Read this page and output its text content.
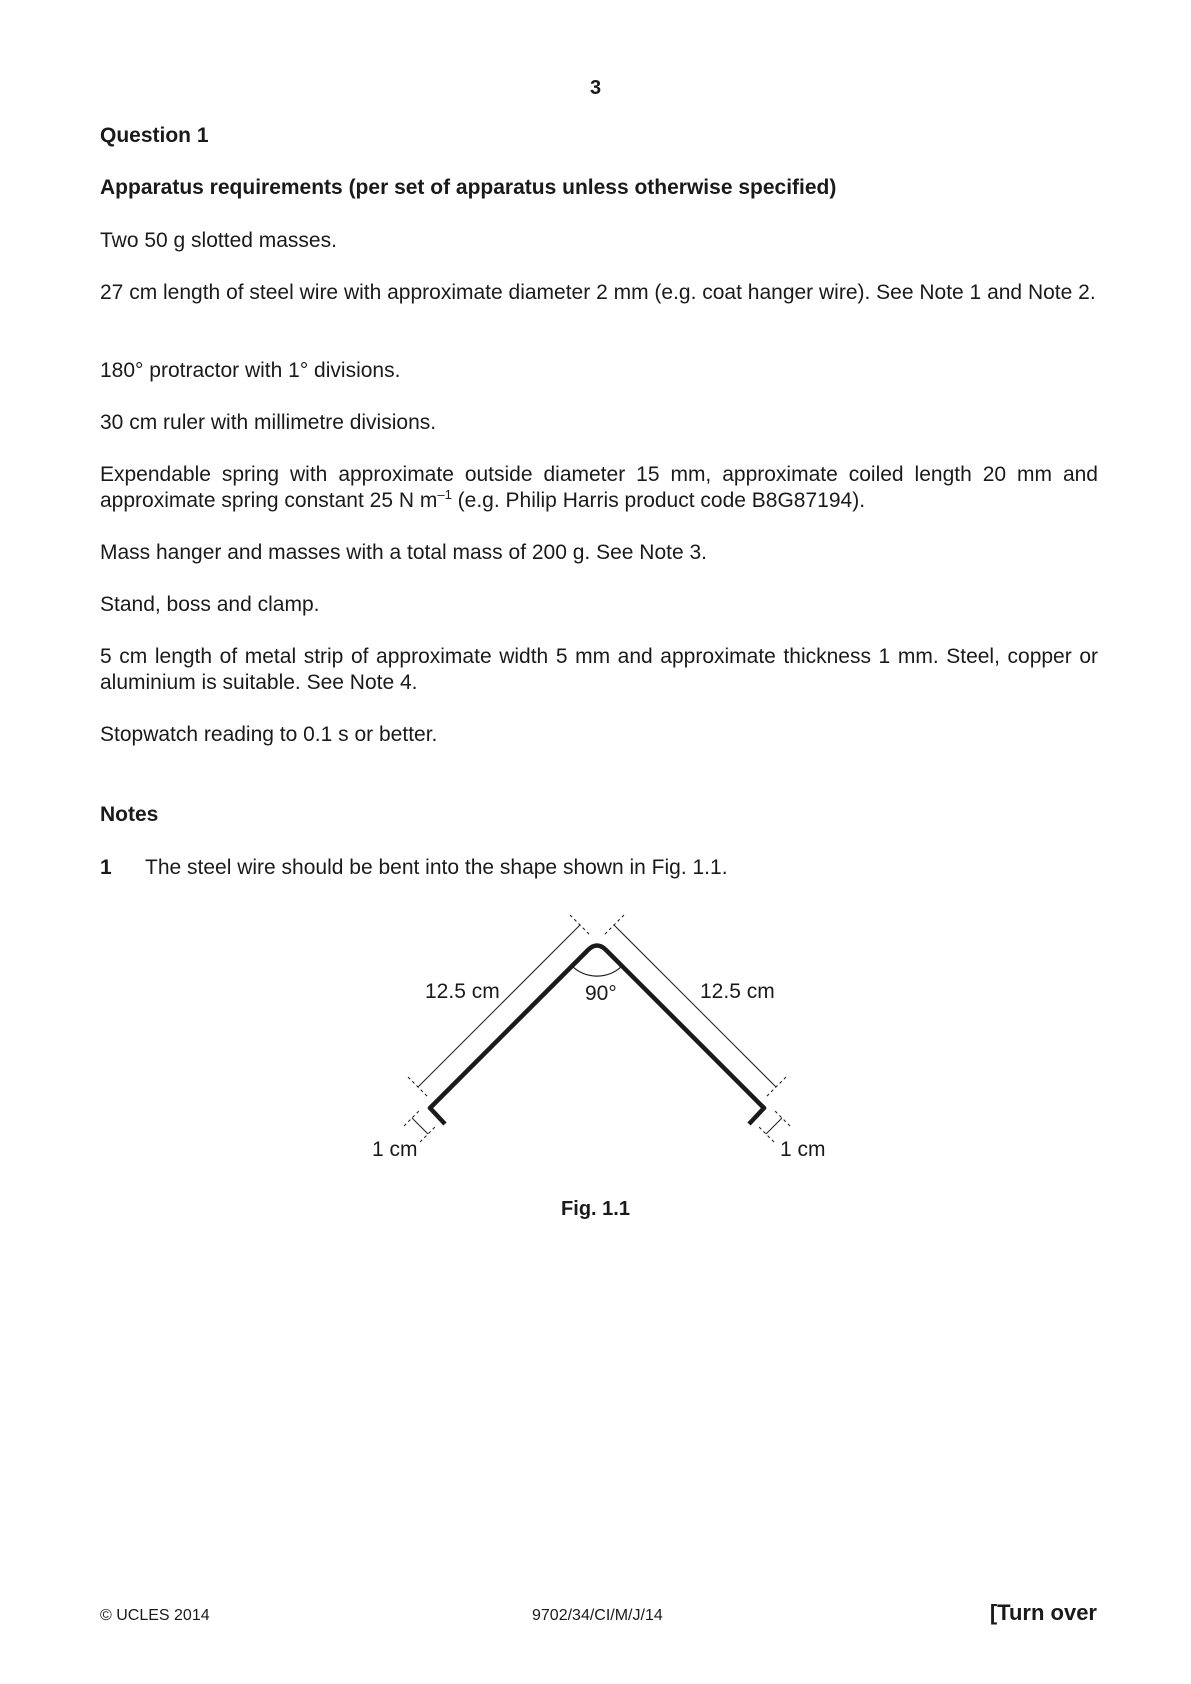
3
Question 1
Apparatus requirements (per set of apparatus unless otherwise specified)
Two 50 g slotted masses.
27 cm length of steel wire with approximate diameter 2 mm (e.g. coat hanger wire). See Note 1 and Note 2.
180° protractor with 1° divisions.
30 cm ruler with millimetre divisions.
Expendable spring with approximate outside diameter 15 mm, approximate coiled length 20 mm and approximate spring constant 25 N $m^{-1}$ (e.g. Philip Harris product code B8G87194).
Mass hanger and masses with a total mass of 200 g. See Note 3.
Stand, boss and clamp.
5 cm length of metal strip of approximate width 5 mm and approximate thickness 1 mm. Steel, copper or aluminium is suitable. See Note 4.
Stopwatch reading to 0.1 s or better.
Notes
1 The steel wire should be bent into the shape shown in Fig. 1.1.
12.5 cm	12.5 cm
90°
1 cm	1 cm
Fig. 1.1
© UCLES 2014	9702/34/CI/M/J/14	[Turn over
